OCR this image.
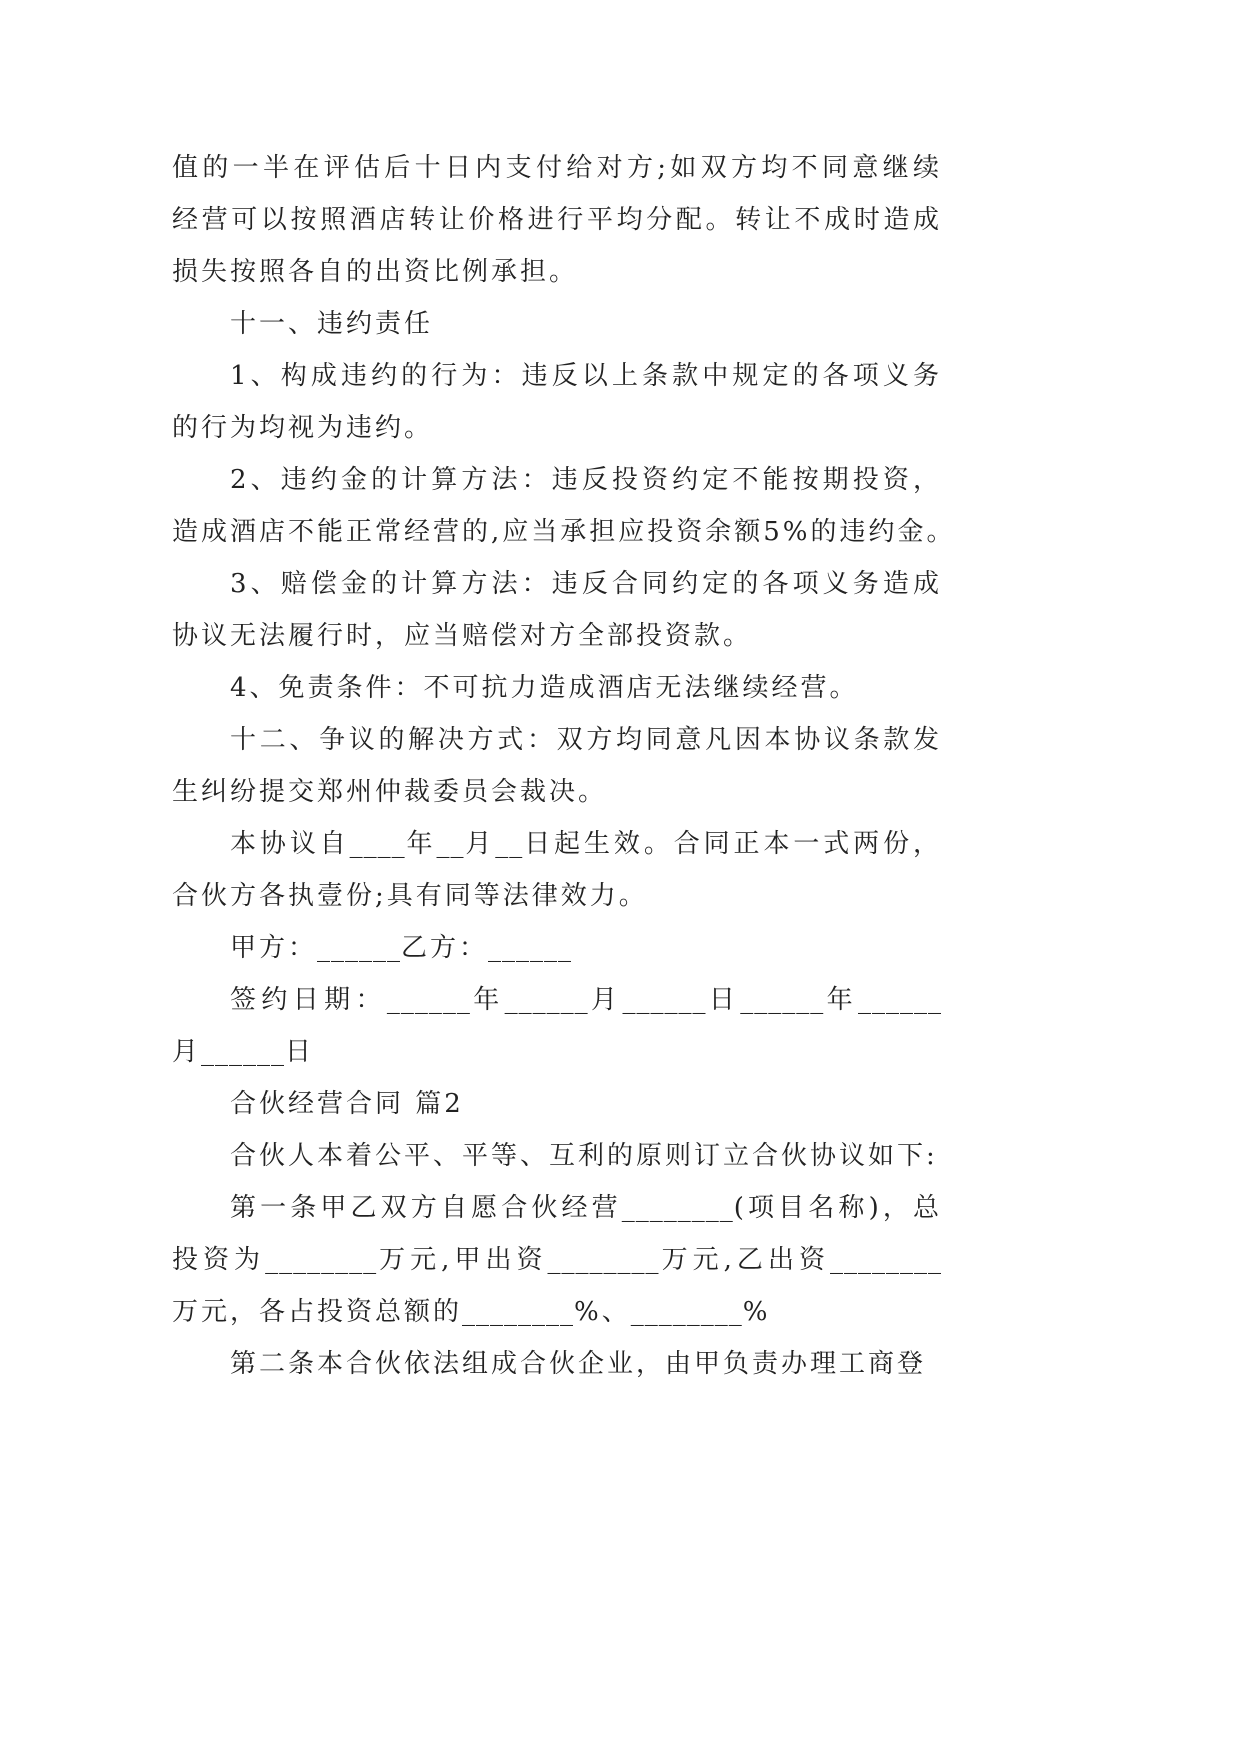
值的一半在评估后十日内支付给对方;如双方均不同意继续
经营可以按照酒店转让价格进行平均分配。转让不成时造成
损失按照各自的出资比例承担。
十一、违约责任
1、构成违约的行为：违反以上条款中规定的各项义务
的行为均视为违约。
2、违约金的计算方法：违反投资约定不能按期投资，
造成酒店不能正常经营的,应当承担应投资余额5%的违约金。
3、赔偿金的计算方法：违反合同约定的各项义务造成
协议无法履行时，应当赔偿对方全部投资款。
4、免责条件：不可抗力造成酒店无法继续经营。
十二、争议的解决方式：双方均同意凡因本协议条款发
生纠纷提交郑州仲裁委员会裁决。
本协议自____年__月__日起生效。合同正本一式两份，
合伙方各执壹份;具有同等法律效力。
甲方：______乙方：______
签约日期：______年______月______日______年______
月______日
合伙经营合同 篇2
合伙人本着公平、平等、互利的原则订立合伙协议如下:
第一条甲乙双方自愿合伙经营________(项目名称)，总
投资为________万元,甲出资________万元,乙出资________
万元，各占投资总额的________%、________%
第二条本合伙依法组成合伙企业，由甲负责办理工商登
